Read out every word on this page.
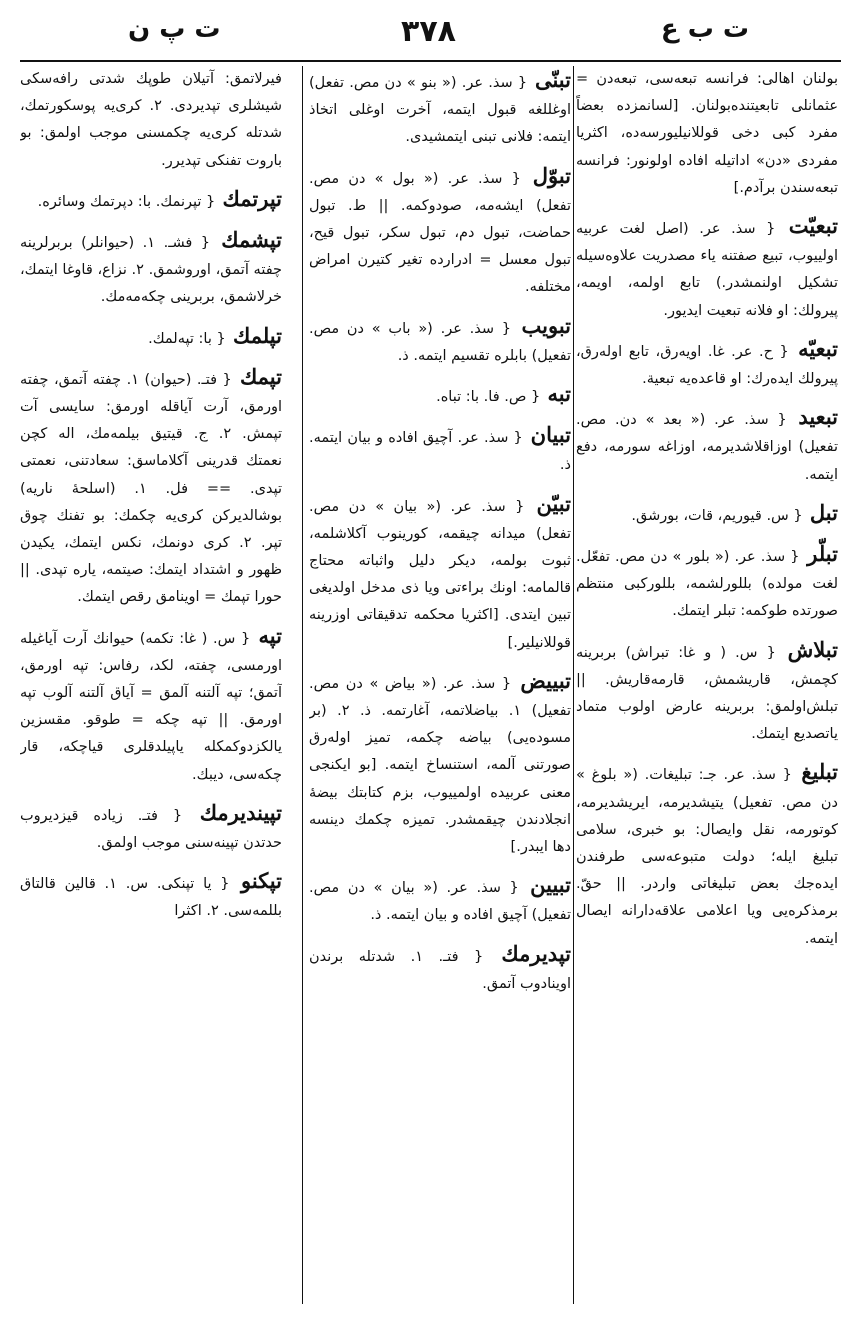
ت پ ن	٣٧٨	ت ب ع
بولنان اهالی: فرانسه تبعه‌سی، تبعه‌دن = عثمانلی تابعیتنده‌بولنان. [لسانمزده بعضاً مفرد کبی دخی قوللانیلیورسه‌ده، اکثریا مفردی «دن» اداتیله افاده اولونور: فرانسه تبعه‌سندن برآدم.]
تبعیّت { سذ. عر. (اصل لغت عربیه اولییوب، تبیع صفتنه یاء مصدریت علاوه‌سیله تشکیل اولنمشدر.) تابع اولمه، اویمه، پیرولك: او فلانه تبعیت ایدیور.
تبعیّه { ح. عر. غا. اویه‌رق، تابع اوله‌رق، پیرولك ایده‌رك: او قاعده‌یه تبعیة.
تبعید { سذ. عر. (« بعد » دن. مص. تفعیل) اوزاقلاشدیرمه، اوزاغه سورمه، دفع ایتمه.
تبل { س. قیوریم، قات، بورشق.
تبلّر { سذ. عر. (« بلور » دن مص. تفعّل. لغت مولده) بللورلشمه، بللورکبی منتظم صورتده طوکمه: تبلر ایتمك.
تبلاش { س. ( و غا: تبراش) بربرینه کچمش، قاریشمش، قارمه‌قاریش. || تبلش‌اولمق: بربرینه عارض اولوب متماد یاتصدیع ایتمك.
تبلیغ { سذ. عر. جـ: تبلیغات. (« بلوغ » دن مص. تفعیل) یتیشدیرمه، ایریشدیرمه، کوتورمه، نقل وایصال: بو خبری، سلامی تبلیغ ایله؛ دولت متبوعه‌سی طرفندن ایده‌جك بعض تبلیغاتی واردر. || حقّ. برمذکره‌یی ویا اعلامی علاقه‌دارانه ایصال ایتمه.
تبنّی { سذ. عر. (« بنو » دن مص. تفعل) اوغللغه قبول ایتمه، آخرت اوغلی اتخاذ ایتمه: فلانی تبنی ایتمشیدی.
تبوّل { سذ. عر. (« بول » دن مص. تفعل) ایشه‌مه، صودوکمه. || ط. تبول حماضت، تبول دم، تبول سکر، تبول قیح، تبول معسل = ادرارده تغیر کتیرن امراض مختلفه.
تبویب { سذ. عر. (« باب » دن مص. تفعیل) بابلره تقسیم ایتمه. ذ.
تبه { ص. فا. با: تباه.
تبیان { سذ. عر. آچیق افاده و بیان ایتمه. ذ.
تبیّن { سذ. عر. (« بیان » دن مص. تفعل) میدانه چیقمه، کورینوب آکلاشلمه، ثبوت بولمه، دیکر دلیل واثباته محتاج قالمامه: اونك براءتی ویا ذی مدخل اولدیغی تبین ایتدی. [اکثریا محکمه تدقیقاتی اوزرینه قوللانیلیر.]
تبییض { سذ. عر. (« بیاض » دن مص. تفعیل) ١. بیاضلاتمه، آغارتمه. ذ. ٢. (بر مسوده‌یی) بیاضه چکمه، تمیز اوله‌رق صورتنی آلمه، استنساخ ایتمه. [بو ایکنجی معنی عربیده اولمییوب، بزم کتابتك بیضهٔ انجلادندن چیقمشدر. تمیزه چکمك دینسه دها ایبدر.]
تبیین { سذ. عر. (« بیان » دن مص. تفعیل) آچیق افاده و بیان ایتمه. ذ.
تپدیرمك { فتـ. ١. شدتله برندن اوینادوب آتمق.
فیرلاتمق: آتیلان طوپك شدتی رافه‌سکی شیشلری تپدیردی. ٢. کری‌یه پوسکورتمك، شدتله کری‌یه چکمسنی موجب اولمق: بو باروت تفنکی تپدیرر.
تپرتمك { تپرنمك. با: دپرتمك وسائره.
تپشمك { فشـ. ١. (حیوانلر) بربرلرینه چفته آتمق، اوروشمق. ٢. نزاع، قاوغا ایتمك، خرلاشمق، بربرینی چکه‌مه‌مك.
تپلمك { با: تپه‌لمك.
تپمك { فتـ. (حیوان) ١. چفته آتمق، چفته اورمق، آرت آیاقله اورمق: سایسی آت تپمش. ٢. ج. قیتیق بیلمه‌مك، اله کچن نعمتك قدرینی آکلاماسق: سعادتنی، نعمتی تپدی. == فل. ١. (اسلحهٔ ناریه) بوشالدیرکن کری‌یه چکمك: بو تفنك چوق تپر. ٢. کری دونمك، نکس ایتمك، یکیدن ظهور و اشتداد ایتمك: صیتمه، یاره تپدی. || حورا تپمك = اوینامق رقص ایتمك.
تپه { س. ( غا: تکمه) حیوانك آرت آیاغیله اورمسی، چفته، لکد، رفاس: تپه اورمق، آتمق؛ تپه آلتنه آلمق = آیاق آلتنه آلوب تپه اورمق. || تپه چکه = طوقو. مقسزین یالکزدوکمکله یاپیلدقلری قیاچکه، قار چکه‌سی، دیبك.
تپیندیرمك { فتـ. زیاده قیزدیروب حدتدن تپینه‌سنی موجب اولمق.
تپکنو { یا تپنکی. س. ١. قالین قالتاق بللمه‌سی. ٢. اکثرا
